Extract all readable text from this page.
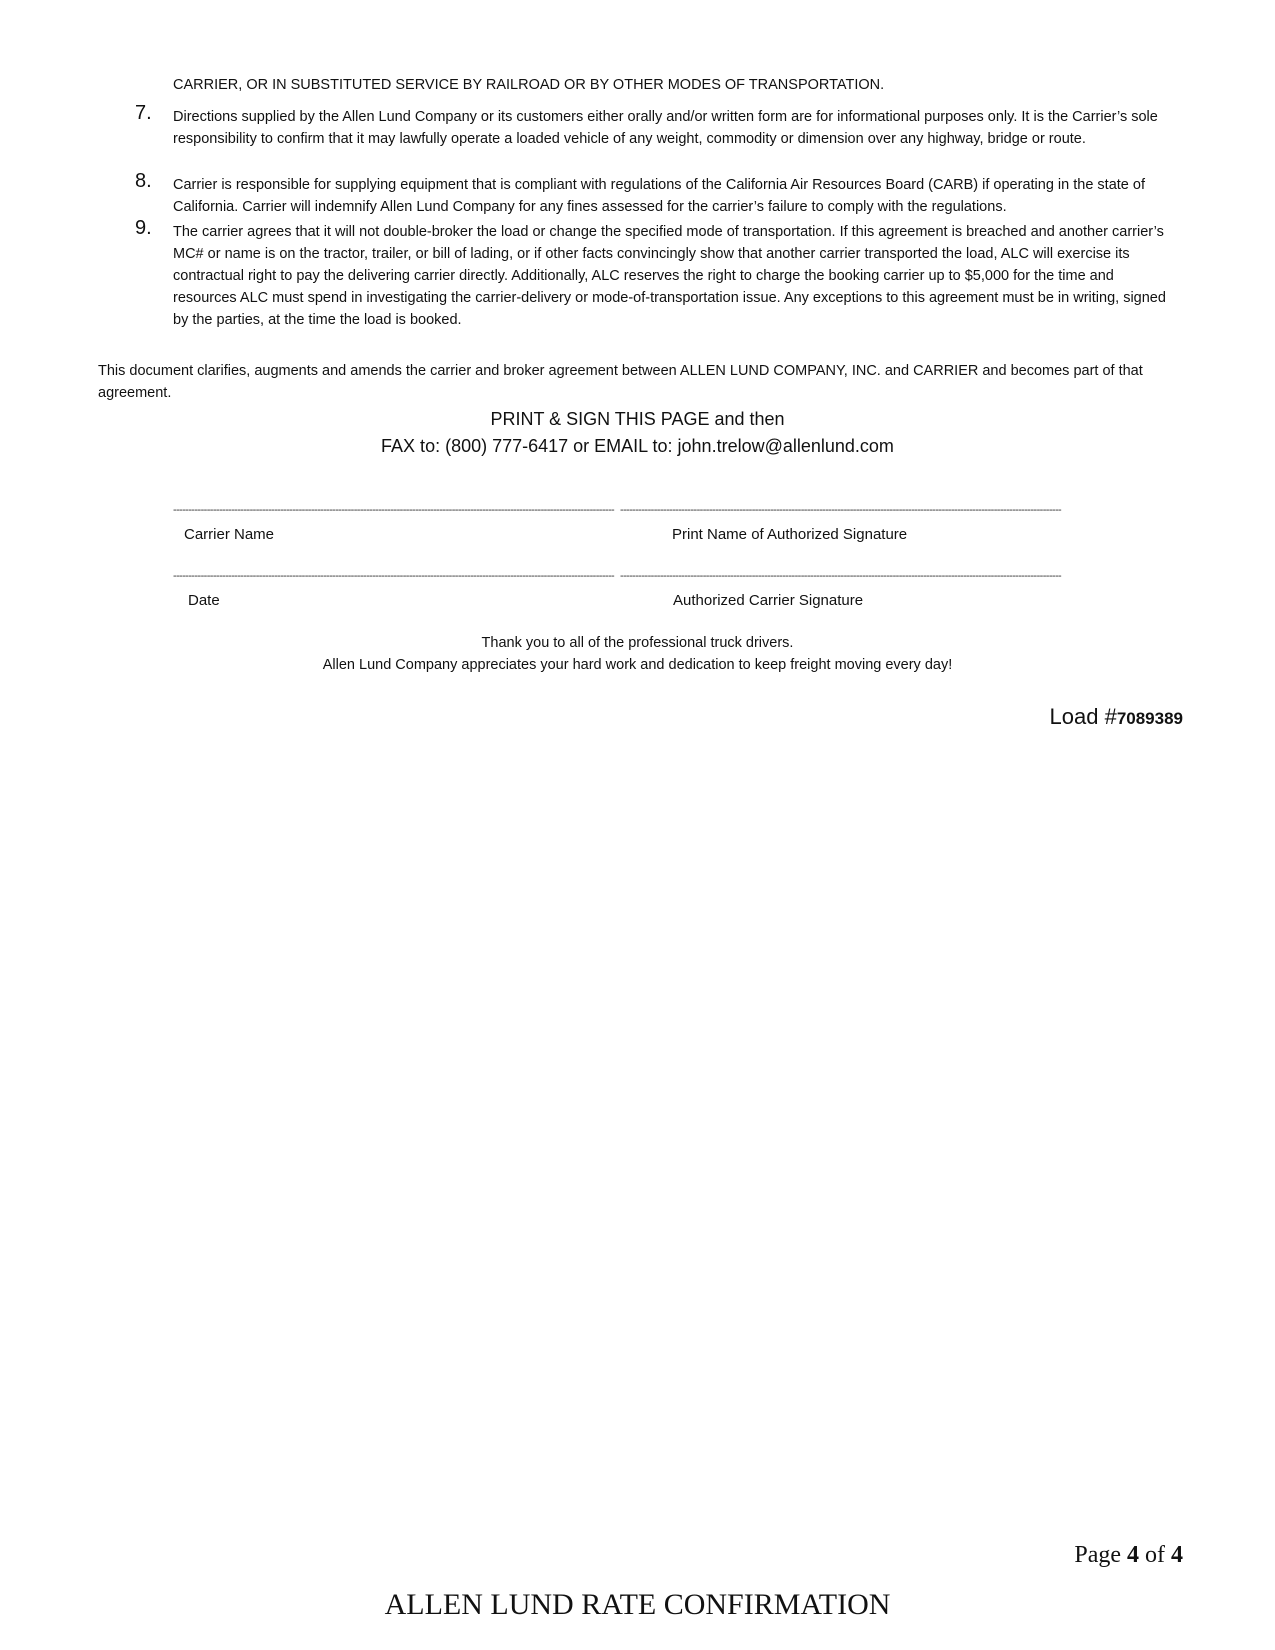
CARRIER, OR IN SUBSTITUTED SERVICE BY RAILROAD OR BY OTHER MODES OF TRANSPORTATION.
7.	Directions supplied by the Allen Lund Company or its customers either orally and/or written form are for informational purposes only. It is the Carrier’s sole responsibility to confirm that it may lawfully operate a loaded vehicle of any weight, commodity or dimension over any highway, bridge or route.
8.	Carrier is responsible for supplying equipment that is compliant with regulations of the California Air Resources Board (CARB) if operating in the state of California. Carrier will indemnify Allen Lund Company for any fines assessed for the carrier’s failure to comply with the regulations.
9.	The carrier agrees that it will not double-broker the load or change the specified mode of transportation. If this agreement is breached and another carrier’s MC# or name is on the tractor, trailer, or bill of lading, or if other facts convincingly show that another carrier transported the load, ALC will exercise its contractual right to pay the delivering carrier directly. Additionally, ALC reserves the right to charge the booking carrier up to $5,000 for the time and resources ALC must spend in investigating the carrier-delivery or mode-of-transportation issue. Any exceptions to this agreement must be in writing, signed by the parties, at the time the load is booked.
This document clarifies, augments and amends the carrier and broker agreement between ALLEN LUND COMPANY, INC. and CARRIER and becomes part of that agreement.
PRINT & SIGN THIS PAGE and then
FAX to: (800) 777-6417 or EMAIL to: john.trelow@allenlund.com
------------------------------------------------------------------------------------------------------------------------------------------------ ------------------------------------------------------------------------------------------------------------------------------------------------
Carrier Name	Print Name of Authorized Signature
------------------------------------------------------------------------------------------------------------------------------------------------ ------------------------------------------------------------------------------------------------------------------------------------------------
Date	Authorized Carrier Signature
Thank you to all of the professional truck drivers.
Allen Lund Company appreciates your hard work and dedication to keep freight moving every day!
Load #7089389
Page 4 of 4
ALLEN LUND RATE CONFIRMATION
